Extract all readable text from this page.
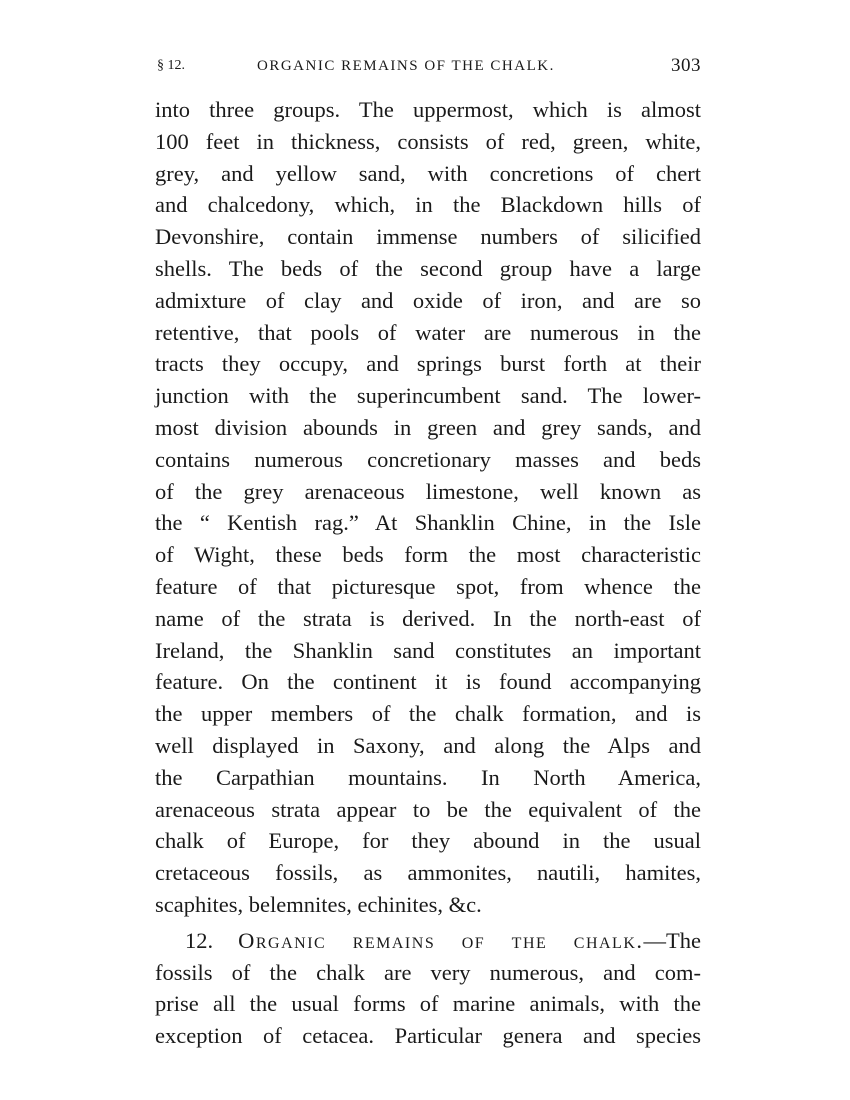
§ 12.	ORGANIC REMAINS OF THE CHALK.	303
into three groups. The uppermost, which is almost
100 feet in thickness, consists of red, green, white,
grey, and yellow sand, with concretions of chert
and chalcedony, which, in the Blackdown hills of
Devonshire, contain immense numbers of silicified
shells. The beds of the second group have a large
admixture of clay and oxide of iron, and are so
retentive, that pools of water are numerous in the
tracts they occupy, and springs burst forth at their
junction with the superincumbent sand. The lower-
most division abounds in green and grey sands, and
contains numerous concretionary masses and beds
of the grey arenaceous limestone, well known as
the “ Kentish rag.” At Shanklin Chine, in the Isle
of Wight, these beds form the most characteristic
feature of that picturesque spot, from whence the
name of the strata is derived. In the north-east of
Ireland, the Shanklin sand constitutes an important
feature. On the continent it is found accompanying
the upper members of the chalk formation, and is
well displayed in Saxony, and along the Alps and
the Carpathian mountains. In North America,
arenaceous strata appear to be the equivalent of the
chalk of Europe, for they abound in the usual
cretaceous fossils, as ammonites, nautili, hamites,
scaphites, belemnites, echinites, &c.
12. Organic remains of the chalk.—The
fossils of the chalk are very numerous, and com-
prise all the usual forms of marine animals, with the
exception of cetacea. Particular genera and species
